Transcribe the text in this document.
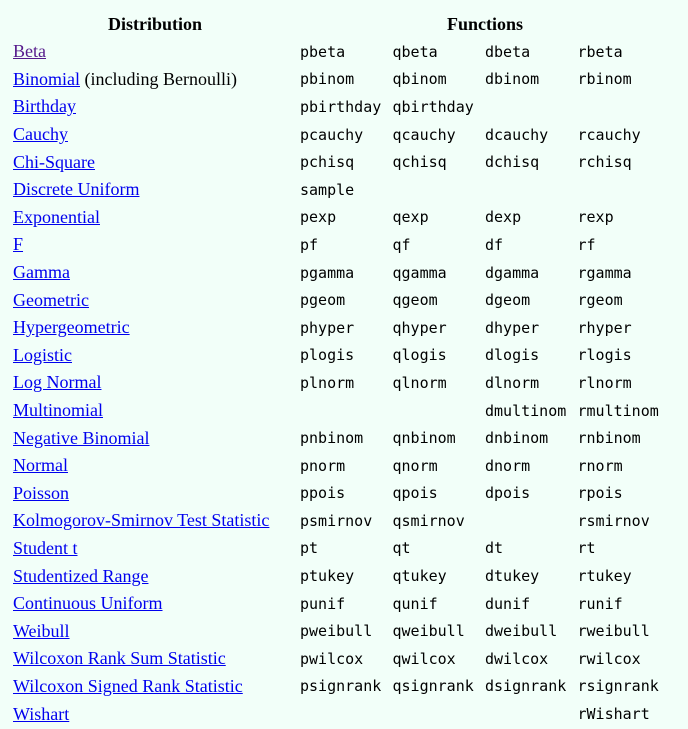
Distribution	Functions			
Beta	pbeta	qbeta	dbeta	rbeta
Binomial (including Bernoulli)	pbinom	qbinom	dbinom	rbinom
Birthday	pbirthday	qbirthday		
Cauchy	pcauchy	qcauchy	dcauchy	rcauchy
Chi-Square	pchisq	qchisq	dchisq	rchisq
Discrete Uniform	sample			
Exponential	pexp	qexp	dexp	rexp
F	pf	qf	df	rf
Gamma	pgamma	qgamma	dgamma	rgamma
Geometric	pgeom	qgeom	dgeom	rgeom
Hypergeometric	phyper	qhyper	dhyper	rhyper
Logistic	plogis	qlogis	dlogis	rlogis
Log Normal	plnorm	qlnorm	dlnorm	rlnorm
Multinomial			dmultinom	rmultinom
Negative Binomial	pnbinom	qnbinom	dnbinom	rnbinom
Normal	pnorm	qnorm	dnorm	rnorm
Poisson	ppois	qpois	dpois	rpois
Kolmogorov-Smirnov Test Statistic	psmirnov	qsmirnov		rsmirnov
Student t	pt	qt	dt	rt
Studentized Range	ptukey	qtukey	dtukey	rtukey
Continuous Uniform	punif	qunif	dunif	runif
Weibull	pweibull	qweibull	dweibull	rweibull
Wilcoxon Rank Sum Statistic	pwilcox	qwilcox	dwilcox	rwilcox
Wilcoxon Signed Rank Statistic	psignrank	qsignrank	dsignrank	rsignrank
Wishart				rWishart
